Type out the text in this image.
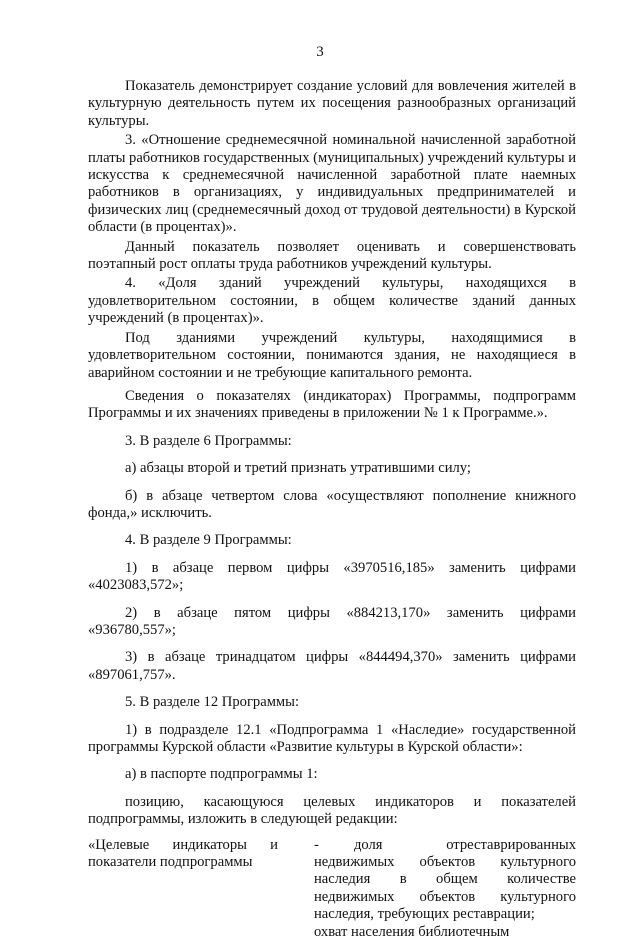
3

Показатель демонстрирует создание условий для вовлечения жителей в культурную деятельность путем их посещения разнообразных организаций культуры.

3. «Отношение среднемесячной номинальной начисленной заработной платы работников государственных (муниципальных) учреждений культуры и искусства к среднемесячной начисленной заработной плате наемных работников в организациях, у индивидуальных предпринимателей и физических лиц (среднемесячный доход от трудовой деятельности) в Курской области (в процентах)».

Данный показатель позволяет оценивать и совершенствовать поэтапный рост оплаты труда работников учреждений культуры.

4. «Доля зданий учреждений культуры, находящихся в удовлетворительном состоянии, в общем количестве зданий данных учреждений (в процентах)».

Под зданиями учреждений культуры, находящимися в удовлетворительном состоянии, понимаются здания, не находящиеся в аварийном состоянии и не требующие капитального ремонта.

Сведения о показателях (индикаторах) Программы, подпрограмм Программы и их значениях приведены в приложении № 1 к Программе.».

3. В разделе 6 Программы:

а) абзацы второй и третий признать утратившими силу;

б) в абзаце четвертом слова «осуществляют пополнение книжного фонда,» исключить.

4. В разделе 9 Программы:

1) в абзаце первом цифры «3970516,185» заменить цифрами «4023083,572»;

2) в абзаце пятом цифры «884213,170» заменить цифрами «936780,557»;

3) в абзаце тринадцатом цифры «844494,370» заменить цифрами «897061,757».

5. В разделе 12 Программы:

1) в подразделе 12.1 «Подпрограмма 1 «Наследие» государственной программы Курской области «Развитие культуры в Курской области»:

а) в паспорте подпрограммы 1:

позицию, касающуюся целевых индикаторов и показателей подпрограммы, изложить в следующей редакции:

«Целевые индикаторы и показатели подпрограммы
- доля отреставрированных недвижимых объектов культурного наследия в общем количестве недвижимых объектов культурного наследия, требующих реставрации;
охват населения библиотечным
